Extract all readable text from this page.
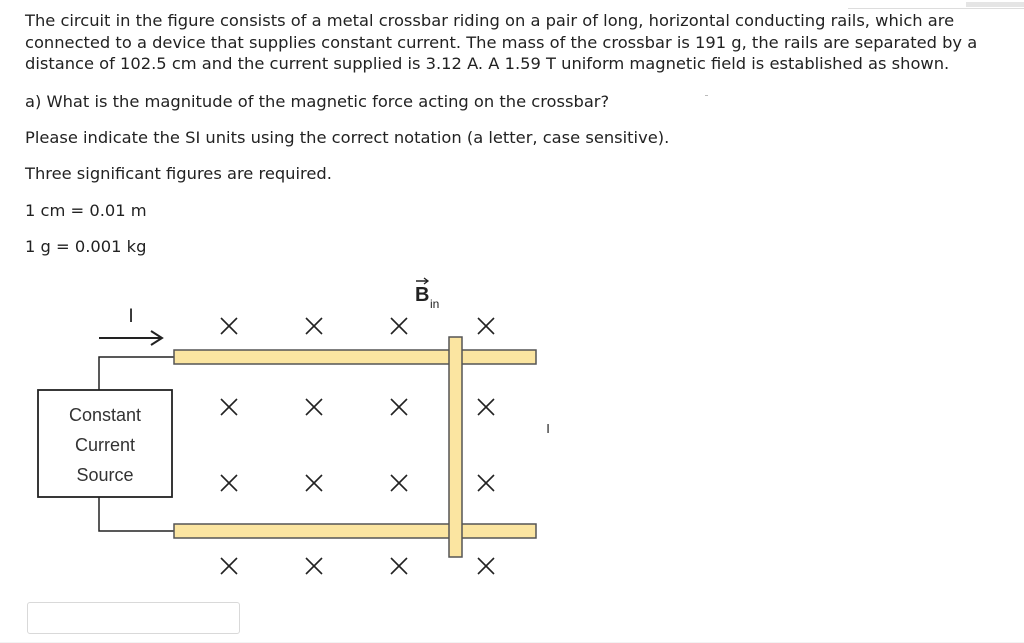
The circuit in the figure consists of a metal crossbar riding on a pair of long, horizontal conducting rails, which are connected to a device that supplies constant current. The mass of the crossbar is 191 g, the rails are separated by a distance of 102.5 cm and the current supplied is 3.12 A. A 1.59 T uniform magnetic field is established as shown.

a) What is the magnitude of the magnetic force acting on the crossbar?

Please indicate the SI units using the correct notation (a letter, case sensitive).

Three significant figures are required.

1 cm = 0.01 m

1 g = 0.001 kg

I
Constant
Current
Source
B in
I
